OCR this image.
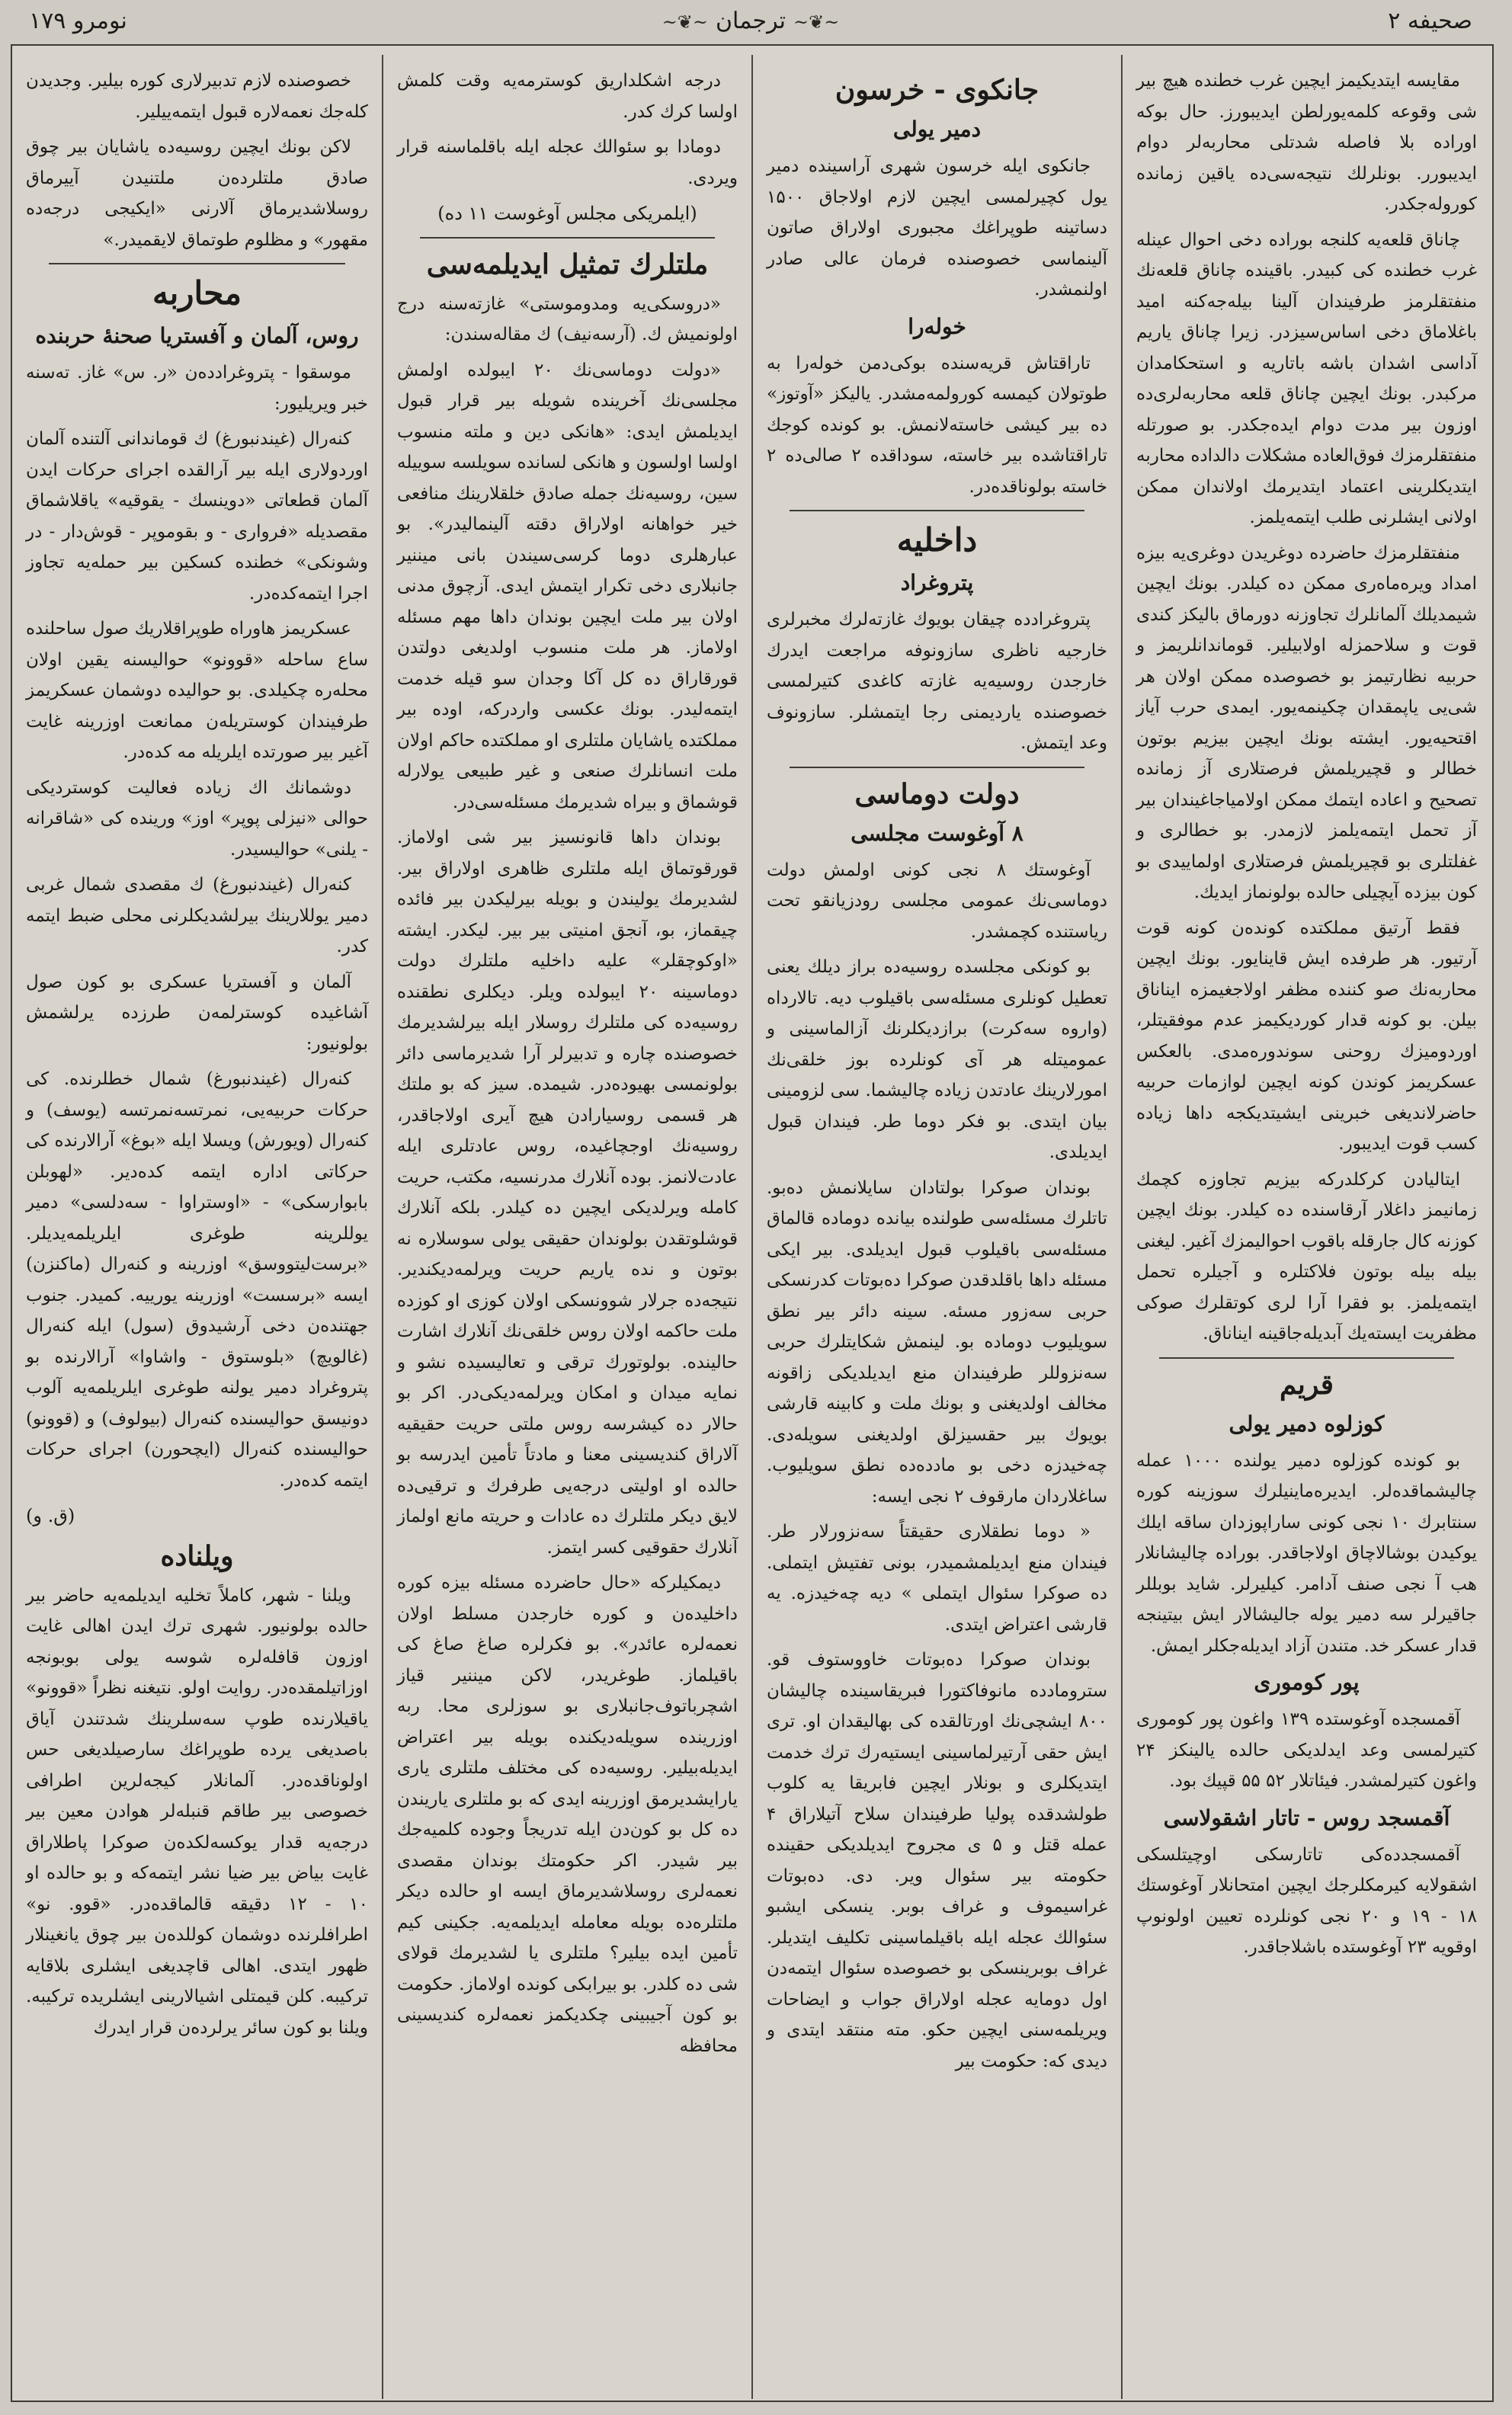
صحیفه ۲
~❦~ ترجمان ~❦~
نومرو ۱۷۹

مقایسه ایتدیکیمز ایچین غرب خطنده هیچ بیر شی وقوعه کلمه‌یورلطن ایدیبورز. حال بوکه اوراده بلا فاصله شدتلی محاربه‌لر دوام ایدیبورر. بونلرلك نتیجه‌سی‌ده یاقین زمانده کوروله‌جکدر.

چاناق قلعه‌یه کلنجه بوراده دخی احوال عینله غرب خطنده کی کبیدر. باقینده چاناق قلعه‌نك منفتقلرمز طرفیندان آلینا بیله‌جه‌کنه امید باغلاماق دخی اساس‌سیزدر. زیرا چاناق یاریم آداسی اشدان باشه باتاریه و استحکامدان مرکبدر. بونك ایچین چاناق قلعه محاربه‌لری‌ده اوزون بیر مدت دوام ایده‌جکدر. بو صورتله منفتقلرمزك فوق‌العاده مشکلات دالداده محاربه ایتدیکلرینی اعتماد ایتدیرمك اولاندان ممکن اولانی ایشلرنی طلب ایتمه‌یلمز.

منفتقلرمزك حاضرده دوغریدن دوغری‌یه بیزه امداد ویره‌ماه‌ری ممکن ده کیلدر. بونك ایچین شیمدیلك آلمانلرك تجاوزنه دورماق بالیکز کندی قوت و سلاحمزله اولابیلیر. قوماندانلریمز و حربیه نظارتیمز بو خصوصده ممکن اولان هر شی‌یی یاپمقدان چکینمه‌یور. ایمدی حرب آیاز اقتحیه‌یور. ایشته بونك ایچین بیزیم بوتون خطالر و قچیریلمش فرصتلاری آز زمانده تصحیح و اعاده ایتمك ممکن اولامیاجاغیندان بیر آز تحمل ایتمه‌یلمز لازمدر. بو خطالری و غفلتلری بو قچیریلمش فرصتلاری اولماییدی بو کون بیزده آیچیلی حالده بولونماز ایدیك.

فقط آرتیق مملکتده کونده‌ن کونه قوت آرتیور. هر طرفده ایش قاینایور. بونك ایچین محاربه‌نك صو کننده مظفر اولاجغیمزه ایناناق بیلن. بو کونه قدار کوردیکیمز عدم موفقیتلر، اوردومیزك روحنی سوندوره‌مدی. بالعکس عسکریمز کوندن کونه ایچین لوازمات حربیه حاضرلاندیغی خبرینی ایشیتدیکجه داها زیاده کسب قوت ایدیبور.

ایتالیادن کرکلدرکه بیزیم تجاوزه کچمك زمانیمز داغلار آرقاسنده ده کیلدر. بونك ایچین کوزنه کال جارقله باقوب احوالیمزك آغیر. لیغنی بیله بیله بوتون فلاکتلره و آجیلره تحمل ایتمه‌یلمز. بو فقرا آرا لری کوتقلرك صوكی مظفریت ایسته‌یك آبدیله‌جاقینه ایناناق.

قریم
کوزلوه دمیر یولی

بو کونده کوزلوه دمیر یولنده ۱۰۰۰ عمله چالیشماقده‌لر. ایدیره‌ماینیلرك سوزینه کوره سنتابرك ۱۰ نجی کونی ساراپوزدان ساقه ایلك یوکیدن بوشالاچاق اولاجاقدر. بوراده چالیشانلار هب آ نجی صنف آدامر. کیلیرلر. شاید بوبللر جاقیرلر سه دمیر یوله جالیشالار ایش بیتینجه قدار عسکر خد. متندن آزاد ایدیله‌جکلر ایمش.

پور کوموری

آقمسجده آوغوستده ۱۳۹ واغون پور کوموری کتیرلمسی وعد ایدلدیکی حالده یالینکز ۲۴ واغون کتیرلمشدر. فیئاتلار ۵۲ ۵۵ قپیك بود.

آقمسجد روس - تاتار اشقولاسی

آقمسجدده‌کی تاتارسکی اوچیتلسکی اشقولایه کیرمکلرجك ایچین امتحانلار آوغوستك ۱۸ - ۱۹ و ۲۰ نجی کونلرده تعیین اولونوپ اوقویه ۲۳ آوغوستده باشلاجاقدر.

جانکوی - خرسون
دمیر یولی

جانکوی ایله خرسون شهری آراسینده دمیر یول کچیرلمسی ایچین لازم اولاجاق ۱۵۰۰ دساتینه طوپراغك مجبوری اولاراق صاتون آلینماسی خصوصنده فرمان عالی صادر اولنمشدر.

خوله‌را

تاراقتاش قریه‌سنده بوکی‌دمن خوله‌را به طوتولان کیمسه کورولمه‌مشدر. یالیکز «آوتوز» ده بیر کیشی خاسته‌لانمش. بو کونده کوجك تاراقتاشده بیر خاسته، سوداقده ۲ صالی‌ده ۲ خاسته بولوناقده‌در.

داخلیه
پتروغراد

پتروغرادده چیقان بویوك غازته‌لرك مخبرلری خارجیه ناظری سازونوفه مراجعت ایدرك خارجدن روسیه‌یه غازته کاغدی کتیرلمسی خصوصنده یاردیمنی رجا ایتمشلر. سازونوف وعد ایتمش.

دولت دوماسی
۸ آوغوست مجلسی

آوغوستك ۸ نجی کونی اولمش دولت دوماسی‌نك عمومی مجلسی رودزیانقو تحت ریاستنده کچمشدر.

بو کونکی مجلسده روسیه‌ده براز دیلك یعنی تعطیل کونلری مسئله‌سی باقیلوب دیه. تالارداه (واروه سه‌کرت) برازدیکلرنك آزالماسینی و عمومیتله هر آی کونلرده بوز خلقی‌نك امورلارینك عادتدن زیاده چالیشما. سی لزومینی بیان ایتدی. بو فکر دوما طر. فیندان قبول ایدیلدی.

بوندان صوکرا بولتادان سایلانمش ده‌بو. تاتلرك مسئله‌سی طولنده بیانده دوماده قالماق مسئله‌سی باقیلوب قبول ایدیلدی. بیر ایکی مسئله داها باقلدقدن صوکرا ده‌بوتات کدرنسکی حربی سه‌زور مسئه. سینه دائر بیر نطق سویلیوب دوماده بو. لینمش شکایتلرك حربی سه‌نزوللر طرفیندان منع ایدیلدیکی زاقونه مخالف اولدیغنی و بونك ملت و کابینه قارشی بویوك بیر حقسیزلق اولدیغنی سویله‌دی. چه‌خیدزه دخی بو مادده‌ده نطق سویلیوب. ساغلاردان مارقوف ۲ نجی ایسه:

« دوما نطقلاری حقیقتاً سه‌نزورلار طر. فیندان منع ایدیلمشمیدر، بونی تفتیش ایتملی. ده صوکرا سئوال ایتملی » دیه چه‌خیدزه. یه قارشی اعتراض ایتدی.

بوندان صوکرا ده‌بوتات خاووستوف قو. سترومادده مانوفاکتورا فبریقاسینده چالیشان ۸۰۰ ایشچی‌نك اورتالقده کی بهالیقدان او. تری ایش حقی آرتیرلماسینی ایستیه‌رك ترك خدمت ایتدیکلری و بونلار ایچین فابریقا یه کلوب طولشدقده پولیا طرفیندان سلاح آتیلاراق ۴ عمله قتل و ۵ ی مجروح ایدیلدیکی حقینده حکومته بیر سئوال ویر. دی. ده‌بوتات غراسیموف و غراف بوبر. ینسکی ایشبو سئوالك عجله ایله باقیلماسینی تکلیف ایتدیلر. غراف بوبرینسکی بو خصوصده سئوال ایتمه‌دن اول دومایه عجله اولاراق جواب و ایضاحات ویریلمه‌سنی ایچین حکو. مته منتقد ایتدی و دیدی که: حکومت بیر

درجه اشکلداریق کوسترمه‌یه وقت کلمش اولسا کرك کدر.

دومادا بو سئوالك عجله ایله باقلماسنه قرار ویردی.

(ایلمریکی مجلس آوغوست ۱۱ ده)
ملتلرك تمثیل ایدیلمه‌سی

«دروسکی‌یه ومدوموستی» غازته‌سنه درج اولونمیش ك. (آرسه‌نیف) ك مقاله‌سندن:

«دولت دوماسی‌نك ۲۰ ایبولده اولمش مجلسی‌نك آخرینده شویله بیر قرار قبول ایدیلمش ایدی: «هانکی دین و ملته منسوب اولسا اولسون و هانکی لسانده سویلسه سوییله سین، روسیه‌نك جمله صادق خلقلارینك منافعی خیر خواهانه اولاراق دقته آلینمالیدر». بو عبارهلری دوما کرسی‌سیندن بانی میننیر جانبلاری دخی تکرار ایتمش ایدی. آزچوق مدنی اولان بیر ملت ایچین بوندان داها مهم مسئله اولاماز. هر ملت منسوب اولدیغی دولتدن قورقاراق ده کل آکا وجدان سو قیله خدمت ایتمه‌لیدر. بونك عکسی واردرکه، اوده بیر مملکتده یاشایان ملتلری او مملکتده حاکم اولان ملت انسانلرك صنعی و غیر طبیعی یولارله قوشماق و بیراه شدیرمك مسئله‌سی‌در.

بوندان داها قانونسیز بیر شی اولاماز. قورقوتماق ایله ملتلری ظاهری اولاراق بیر. لشدیرمك یولیندن و بویله بیرلیکدن بیر فائده چیقماز، بو، آنجق امنیتی بیر بیر. لیکدر. ایشته «اوکوچقلر» علیه داخلیه ملتلرك دولت دوماسینه ۲۰ ایبولده ویلر. دیکلری نطقنده روسیه‌ده کی ملتلرك روسلار ایله بیرلشدیرمك خصوصنده چاره و تدبیرلر آرا شدیرماسی دائر بولونمسی بهیوده‌در. شیمده. سیز که بو ملتك هر قسمی روسیارادن هیچ آیری اولاجاقدر، روسیه‌نك اوجچاغیده، روس عادتلری ایله عادت‌لانمز. بوده آنلارك مدرنسیه، مکتب، حریت کامله ویرلدیکی ایچین ده کیلدر. بلکه آنلارك قوشلوتقدن بولوندان حقیقی یولی سوسلاره نه بوتون و نده یاریم حریت ویرلمه‌دیکندیر. نتیجه‌ده جرلار شوونسکی اولان کوزی او کوزده ملت حاکمه اولان روس خلقی‌نك آنلارك اشارت حالینده. بولوتورك ترقی و تعالیسیده نشو و نمایه میدان و امکان ویرلمه‌دیکی‌در. اکر بو حالار ده کیشرسه روس ملتی حریت حقیقیه آلاراق کندیسینی معنا و مادتاً تأمین ایدرسه بو حالده او اولیتی درجه‌یی طرفرك و ترقیی‌ده لایق دیکر ملتلرك ده عادات و حریته مانع اولماز آنلارك حقوقیی کسر ایتمز.

دیمکیلرکه «حال حاضرده مسئله بیزه کوره داخلیده‌ن و کوره خارجدن مسلط اولان نعمه‌لره عائدر». بو فکرلره صاغ صاغ کی باقیلماز. طوغریدر، لاکن میننیر قیاز اشچرباتوف‌جانبلاری بو سوزلری محا. ربه اوزرینده سویله‌دیکنده بویله بیر اعتراض ایدیله‌بیلیر. روسیه‌ده کی مختلف ملتلری یاری یارایشدیرمق اوزرینه ایدی که بو ملتلری یاریندن ده کل بو کون‌دن ایله تدریجاً وجوده کلمیه‌جك بیر شیدر. اکر حکومتك بوندان مقصدی نعمه‌لری روسلاشدیرماق ایسه او حالده دیکر ملتلره‌ده بویله معامله ایدیلمه‌یه. جکینی کیم تأمین ایده بیلیر؟ ملتلری یا لشدیرمك قولای شی ده کلدر. بو بیرابکی کونده اولاماز. حکومت بو کون آجیبینی چکدیکمز نعمه‌لره کندیسینی محافظه

خصوصنده لازم تدبیرلاری کوره بیلیر. وجدیدن کله‌جك نعمه‌لاره قبول ایتمه‌ییلیر.

لاکن بونك ایچین روسیه‌ده یاشایان بیر چوق صادق ملتلرده‌ن ملتنیدن آییرماق روسلاشدیرماق آلارنی «ایکیجی درجه‌ده مقهور» و مظلوم طوتماق لایقمیدر.»

محاربه
روس، آلمان و آفستریا صحنهٔ حربنده

موسقوا - پتروغرادده‌ن «ر. س» غاز. ته‌سنه خبر ویریلیور:

کنه‌رال (غیندنبورغ) ك قوماندانی آلتنده آلمان اوردولاری ایله بیر آرالقده اجرای حرکات ایدن آلمان قطعاتی «دوینسك - یقوقیه» یاقلاشماق مقصدیله «فرواری - و بقوموپر - قوش‌دار - در وشونکی» خطنده کسکین بیر حمله‌یه تجاوز اجرا ایتمه‌کده‌در.

عسکریمز هاوراه طوپراقلاریك صول ساحلنده ساع ساحله «قوونو» حوالیسنه یقین اولان محله‌ره چکیلدی. بو حوالیده دوشمان عسکریمز طرفیندان کوستریله‌ن ممانعت اوزرینه غایت آغیر بیر صورتده ایلریله مه کده‌در.

دوشمانك اك زیاده فعالیت کوستردیکی حوالی «نیزلی پوپر» اوز» ورینده کی «شاقرانه - یلنی» حوالیسیدر.

کنه‌رال (غیندنبورغ) ك مقصدی شمال غربی دمیر یوللارینك بیرلشدیکلرنی محلی ضبط ایتمه کدر.

آلمان و آفستریا عسکری بو کون صول آشاغیده کوسترلمه‌ن طرزده یرلشمش بولونیور:

کنه‌رال (غیندنبورغ) شمال خطلرنده. کی حرکات حربیه‌یی، نمرتسه‌نمرتسه (یوسف) و کنه‌رال (ویورش) ویسلا ایله «بوغ» آرالارنده کی حرکاتی اداره ایتمه کده‌دیر. «لهوبلن بابوارسکی» - «اوستراوا - سه‌دلسی» دمیر یوللرینه طوغری ایلریلمه‌یدیلر. «برست‌لیتووسق» اوزرینه و کنه‌رال (ماکنزن) ایسه «برسست» اوزرینه یورییه. کمیدر. جنوب جهتنده‌ن دخی آرشیدوق (سول) ایله کنه‌رال (غالویچ) «بلوستوق - واشاوا» آرالارنده بو پتروغراد دمیر یولنه طوغری ایلریلمه‌یه آلوب دونیسق حوالیسنده کنه‌رال (بیولوف) و (قوونو) حوالیسنده کنه‌رال (ایچحورن) اجرای حرکات ایتمه کده‌در.

(ق. و)
ویلناده

ویلنا - شهر، کاملاً تخلیه ایدیلمه‌یه حاضر بیر حالده بولونیور. شهری ترك ایدن اهالی غایت اوزون قافله‌لره شوسه یولی بوبونجه اوزاتیلمقده‌در. روایت اولو. نتیغنه نظراً «قوونو» یاقیلارنده طوپ سه‌سلرینك شدتندن آیاق باصدیغی یرده طوپراغك سارصیلدیغی حس اولوناقده‌در. آلمانلار کیجه‌لرین اطرافی خصوصی بیر طاقم قنبله‌لر هوادن معین بیر درجه‌یه قدار یوکسه‌لکده‌ن صوکرا پاطلاراق غایت بیاض بیر ضیا نشر ایتمه‌که و بو حالده او ۱۰ - ۱۲ دقیقه قالماقده‌در. «قوو. نو» اطرافلرنده دوشمان کوللده‌ن بیر چوق یانغینلار ظهور ایتدی. اهالی قاچدیغی ایشلری بلاقایه ترکیبه. کلن قیمتلی اشیالارینی ایشلریده ترکیبه. ویلنا بو کون سائر یرلرده‌ن قرار ایدرك
